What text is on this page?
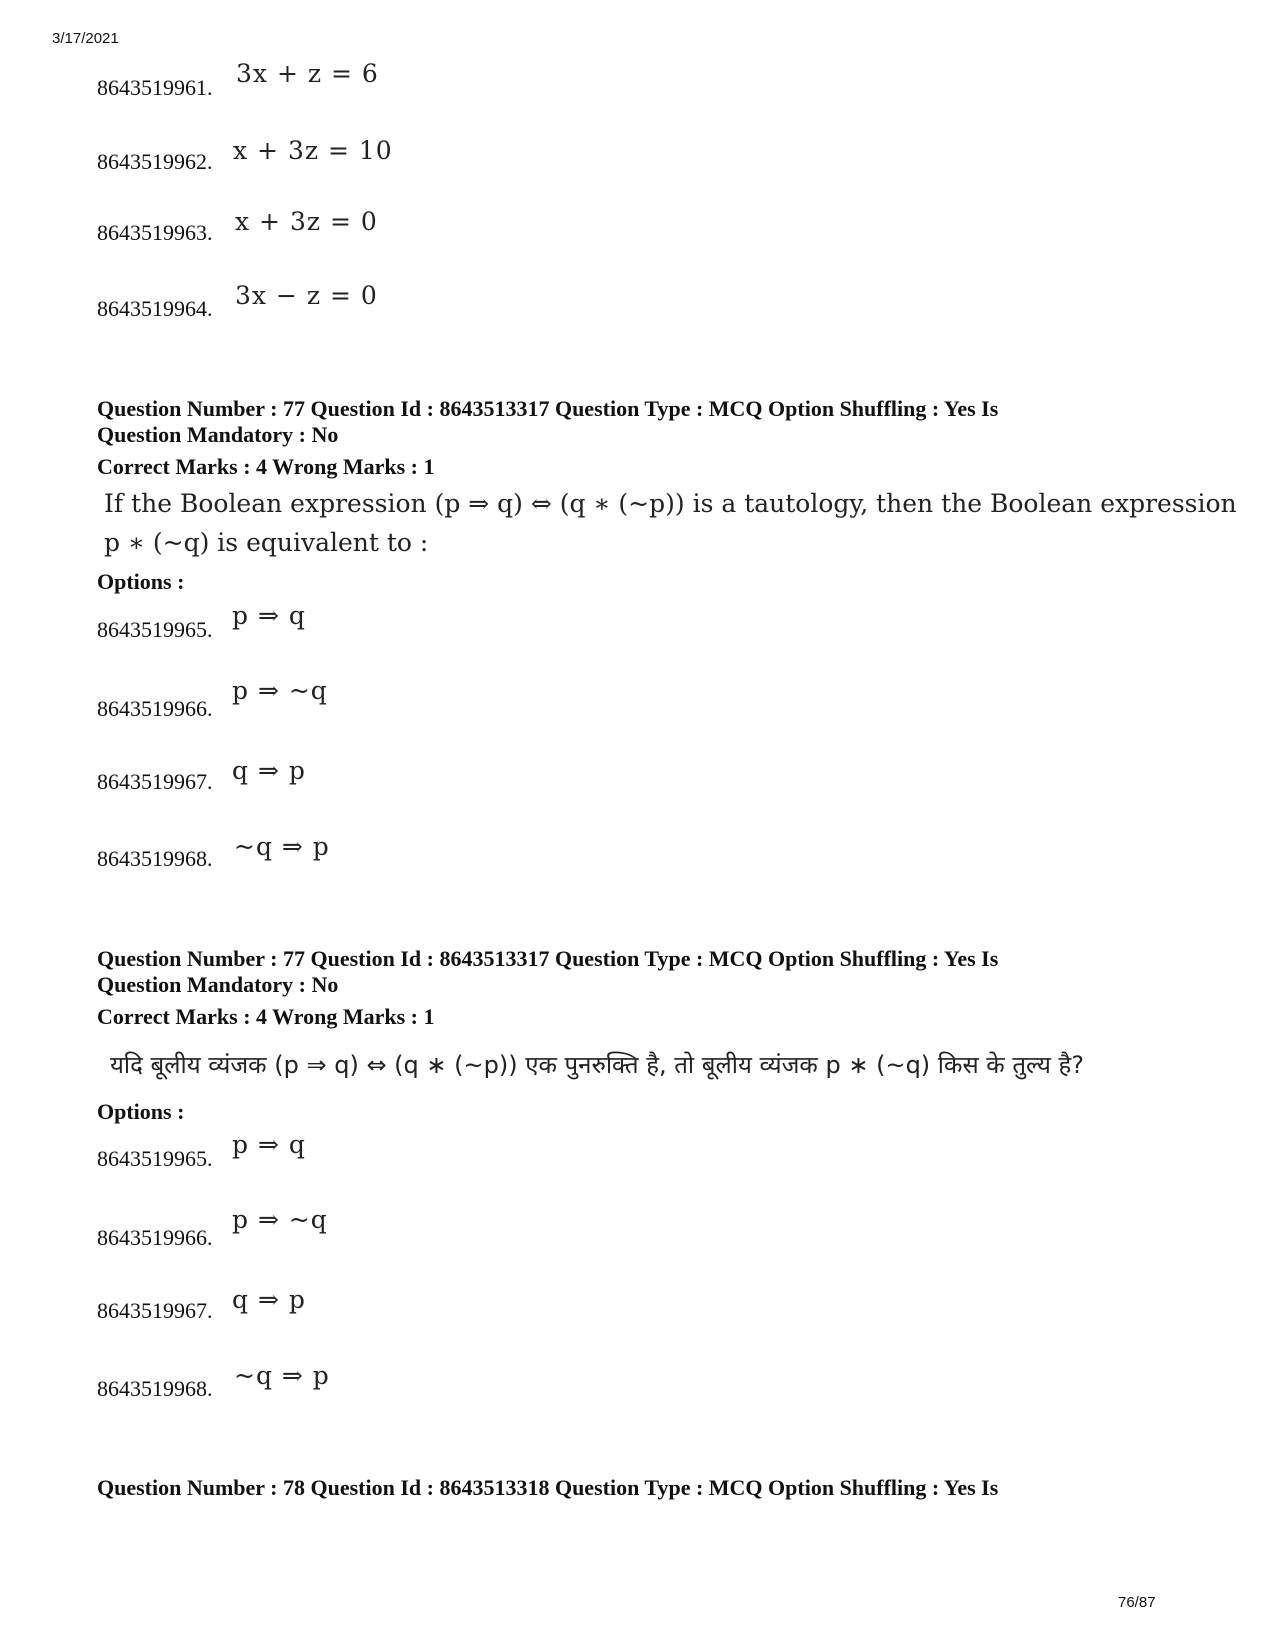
3/17/2021
76/87
8643519961. 3x + z = 6
8643519962. x + 3z = 10
8643519963. x + 3z = 0
8643519964. 3x − z = 0
Question Number : 77 Question Id : 8643513317 Question Type : MCQ Option Shuffling : Yes Is
Question Mandatory : No
Correct Marks : 4 Wrong Marks : 1
If the Boolean expression (p ⇒ q) ⇔ (q ∗ (~p)) is a tautology, then the Boolean expression
p ∗ (~q) is equivalent to :
Options :
8643519965. p ⇒ q
8643519966.
p ⇒ ~q
8643519967. q ⇒ p
8643519968. ~q ⇒ p
Question Number : 77 Question Id : 8643513317 Question Type : MCQ Option Shuffling : Yes Is
Question Mandatory : No
Correct Marks : 4 Wrong Marks : 1
यदि बूलीय व्यंजक (p ⇒ q) ⇔ (q ∗ (~p)) एक पुनरुक्ति है, तो बूलीय व्यंजक p ∗ (~q) किस के तुल्य है?
Options :
8643519965. p ⇒ q
8643519966.
p ⇒ ~q
8643519967. q ⇒ p
8643519968. ~q ⇒ p
Question Number : 78 Question Id : 8643513318 Question Type : MCQ Option Shuffling : Yes Is
